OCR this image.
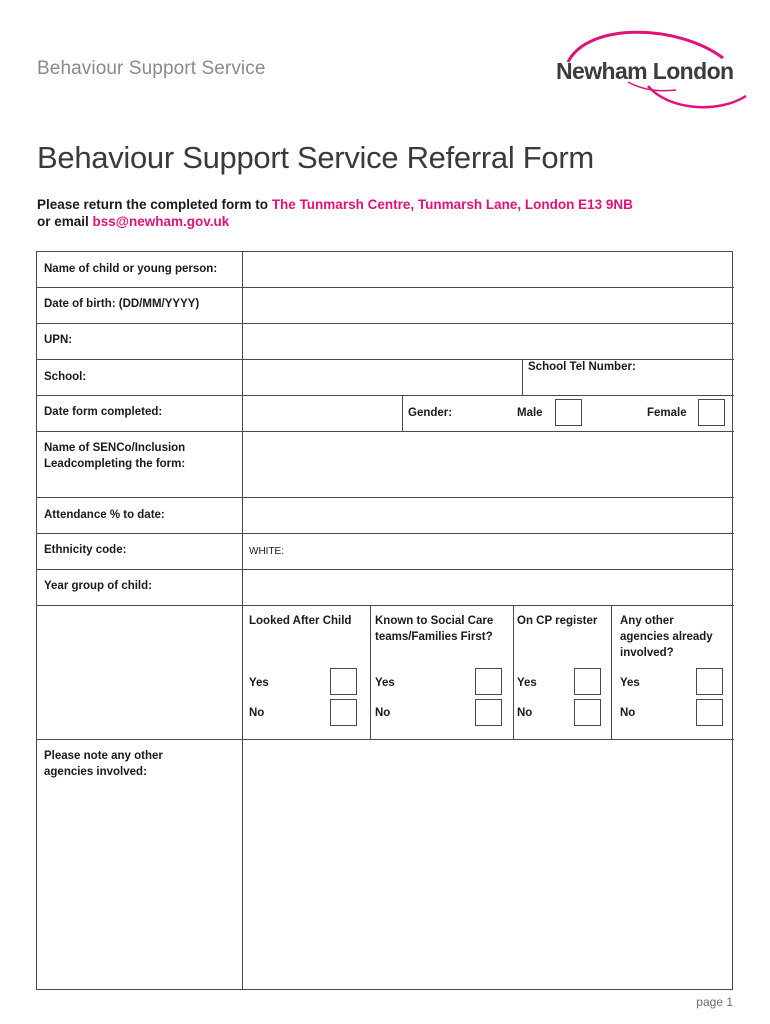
Behaviour Support Service	Newham London
Behaviour Support Service Referral Form
Please return the completed form to The Tunmarsh Centre, Tunmarsh Lane, London E13 9NB
or email bss@newham.gov.uk
Name of child or young person:
Date of birth: (DD/MM/YYYY)
UPN:
School:
School Tel Number:
Date form completed:	Gender:	Male	Female
Name of SENCo/Inclusion
Leadcompleting the form:
Attendance % to date:
Ethnicity code:	WHITE:
Year group of child:
Looked After Child
Yes
No
Known to Social Care
teams/Families First?
Yes
No
On CP register
Yes
No
Any other
agencies already
involved?
Yes
No
Please note any other
agencies involved:
page 1
